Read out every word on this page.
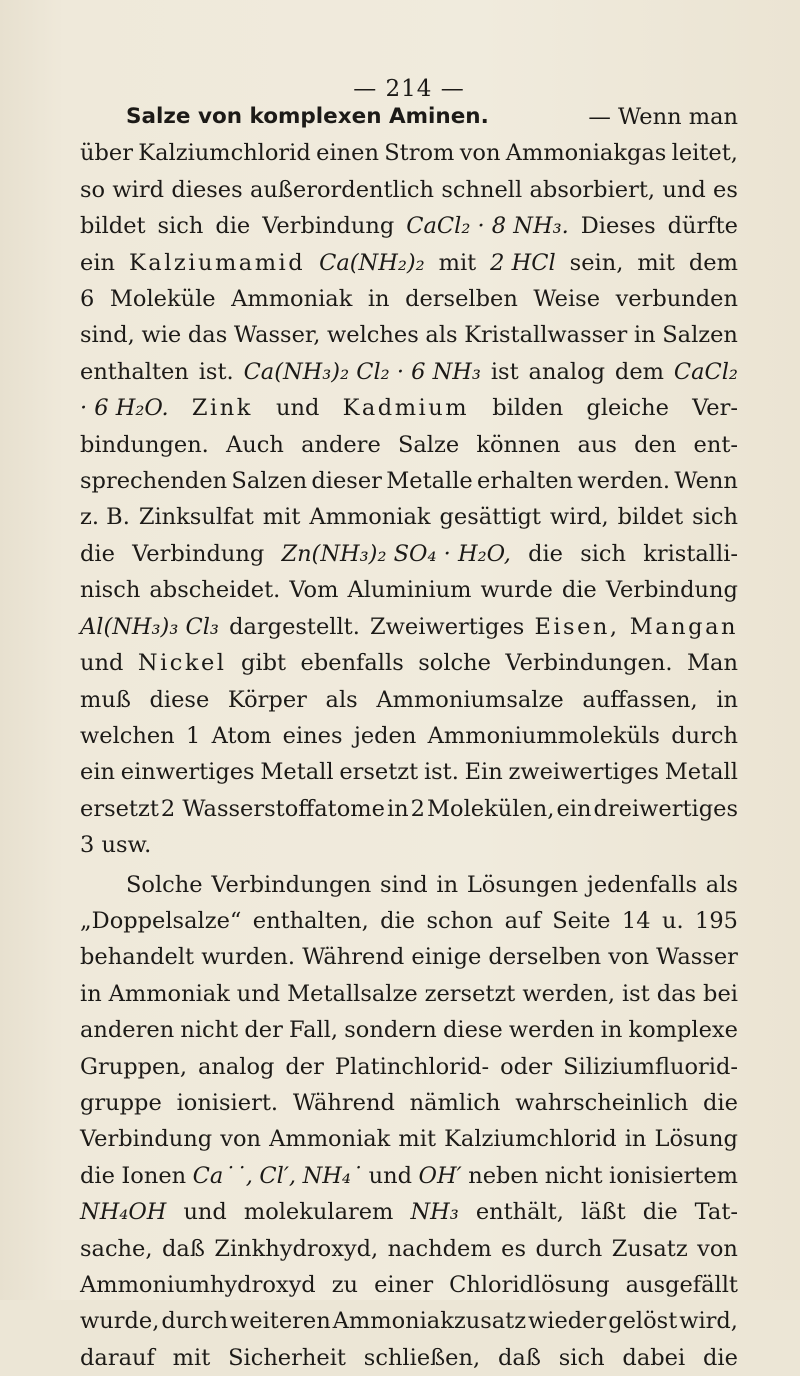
— 214 —
Salze von komplexen Aminen.	— Wenn man
über Kalziumchlorid einen Strom von Ammoniakgas leitet,
so wird dieses außerordentlich schnell absorbiert, und es
bildet sich die Verbindung CaCl₂ · 8 NH₃. Dieses dürfte
ein Kalziumamid Ca(NH₂)₂ mit 2 HCl sein, mit dem
6 Moleküle Ammoniak in derselben Weise verbunden
sind, wie das Wasser, welches als Kristallwasser in Salzen
enthalten ist. Ca(NH₃)₂ Cl₂ · 6 NH₃ ist analog dem CaCl₂
· 6 H₂O. Zink und Kadmium bilden gleiche Ver-
bindungen. Auch andere Salze können aus den ent-
sprechenden Salzen dieser Metalle erhalten werden. Wenn
z. B. Zinksulfat mit Ammoniak gesättigt wird, bildet sich
die Verbindung Zn(NH₃)₂ SO₄ · H₂O, die sich kristalli-
nisch abscheidet. Vom Aluminium wurde die Verbindung
Al(NH₃)₃ Cl₃ dargestellt. Zweiwertiges Eisen, Mangan
und Nickel gibt ebenfalls solche Verbindungen. Man
muß diese Körper als Ammoniumsalze auffassen, in
welchen 1 Atom eines jeden Ammoniummoleküls durch
ein einwertiges Metall ersetzt ist. Ein zweiwertiges Metall
ersetzt 2 Wasserstoffatome in 2 Molekülen, ein dreiwertiges
3 usw.
Solche Verbindungen sind in Lösungen jedenfalls als
„Doppelsalze“ enthalten, die schon auf Seite 14 u. 195
behandelt wurden. Während einige derselben von Wasser
in Ammoniak und Metallsalze zersetzt werden, ist das bei
anderen nicht der Fall, sondern diese werden in komplexe
Gruppen, analog der Platinchlorid- oder Siliziumfluorid-
gruppe ionisiert. Während nämlich wahrscheinlich die
Verbindung von Ammoniak mit Kalziumchlorid in Lösung
die Ionen Ca˙˙, Cl′, NH₄˙ und OH′ neben nicht ionisiertem
NH₄OH und molekularem NH₃ enthält, läßt die Tat-
sache, daß Zinkhydroxyd, nachdem es durch Zusatz von
Ammoniumhydroxyd zu einer Chloridlösung ausgefällt
wurde, durch weiteren Ammoniakzusatz wieder gelöst wird,
darauf mit Sicherheit schließen, daß sich dabei die
